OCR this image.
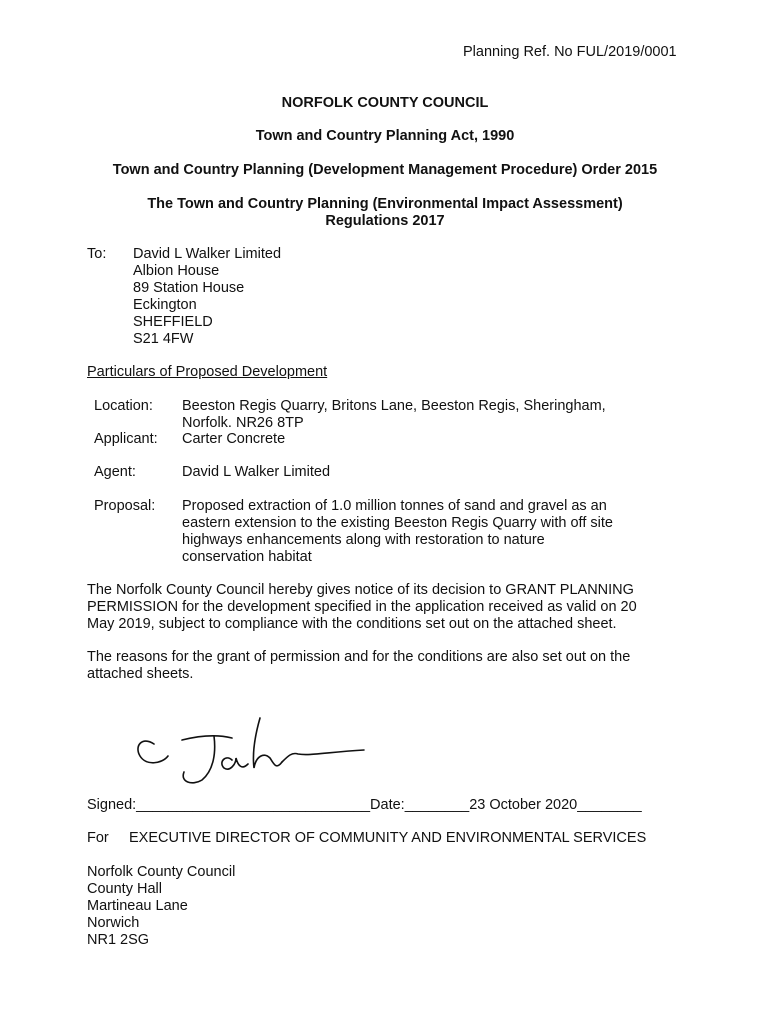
Planning Ref. No FUL/2019/0001
NORFOLK COUNTY COUNCIL
Town and Country Planning Act, 1990
Town and Country Planning (Development Management Procedure) Order 2015
The Town and Country Planning (Environmental Impact Assessment)
Regulations 2017
To: David L Walker Limited
Albion House
89 Station House
Eckington
SHEFFIELD
S21 4FW
Particulars of Proposed Development
Location: Beeston Regis Quarry, Britons Lane, Beeston Regis, Sheringham,
Norfolk. NR26 8TP
Applicant: Carter Concrete
Agent:	David L Walker Limited
Proposal: Proposed extraction of 1.0 million tonnes of sand and gravel as an
eastern extension to the existing Beeston Regis Quarry with off site
highways enhancements along with restoration to nature
conservation habitat
The Norfolk County Council hereby gives notice of its decision to GRANT PLANNING
PERMISSION for the development specified in the application received as valid on 20
May 2019, subject to compliance with the conditions set out on the attached sheet.
The reasons for the grant of permission and for the conditions are also set out on the
attached sheets.
Signed:_____________________________Date:________23 October 2020________
For EXECUTIVE DIRECTOR OF COMMUNITY AND ENVIRONMENTAL SERVICES
Norfolk County Council
County Hall
Martineau Lane
Norwich
NR1 2SG
